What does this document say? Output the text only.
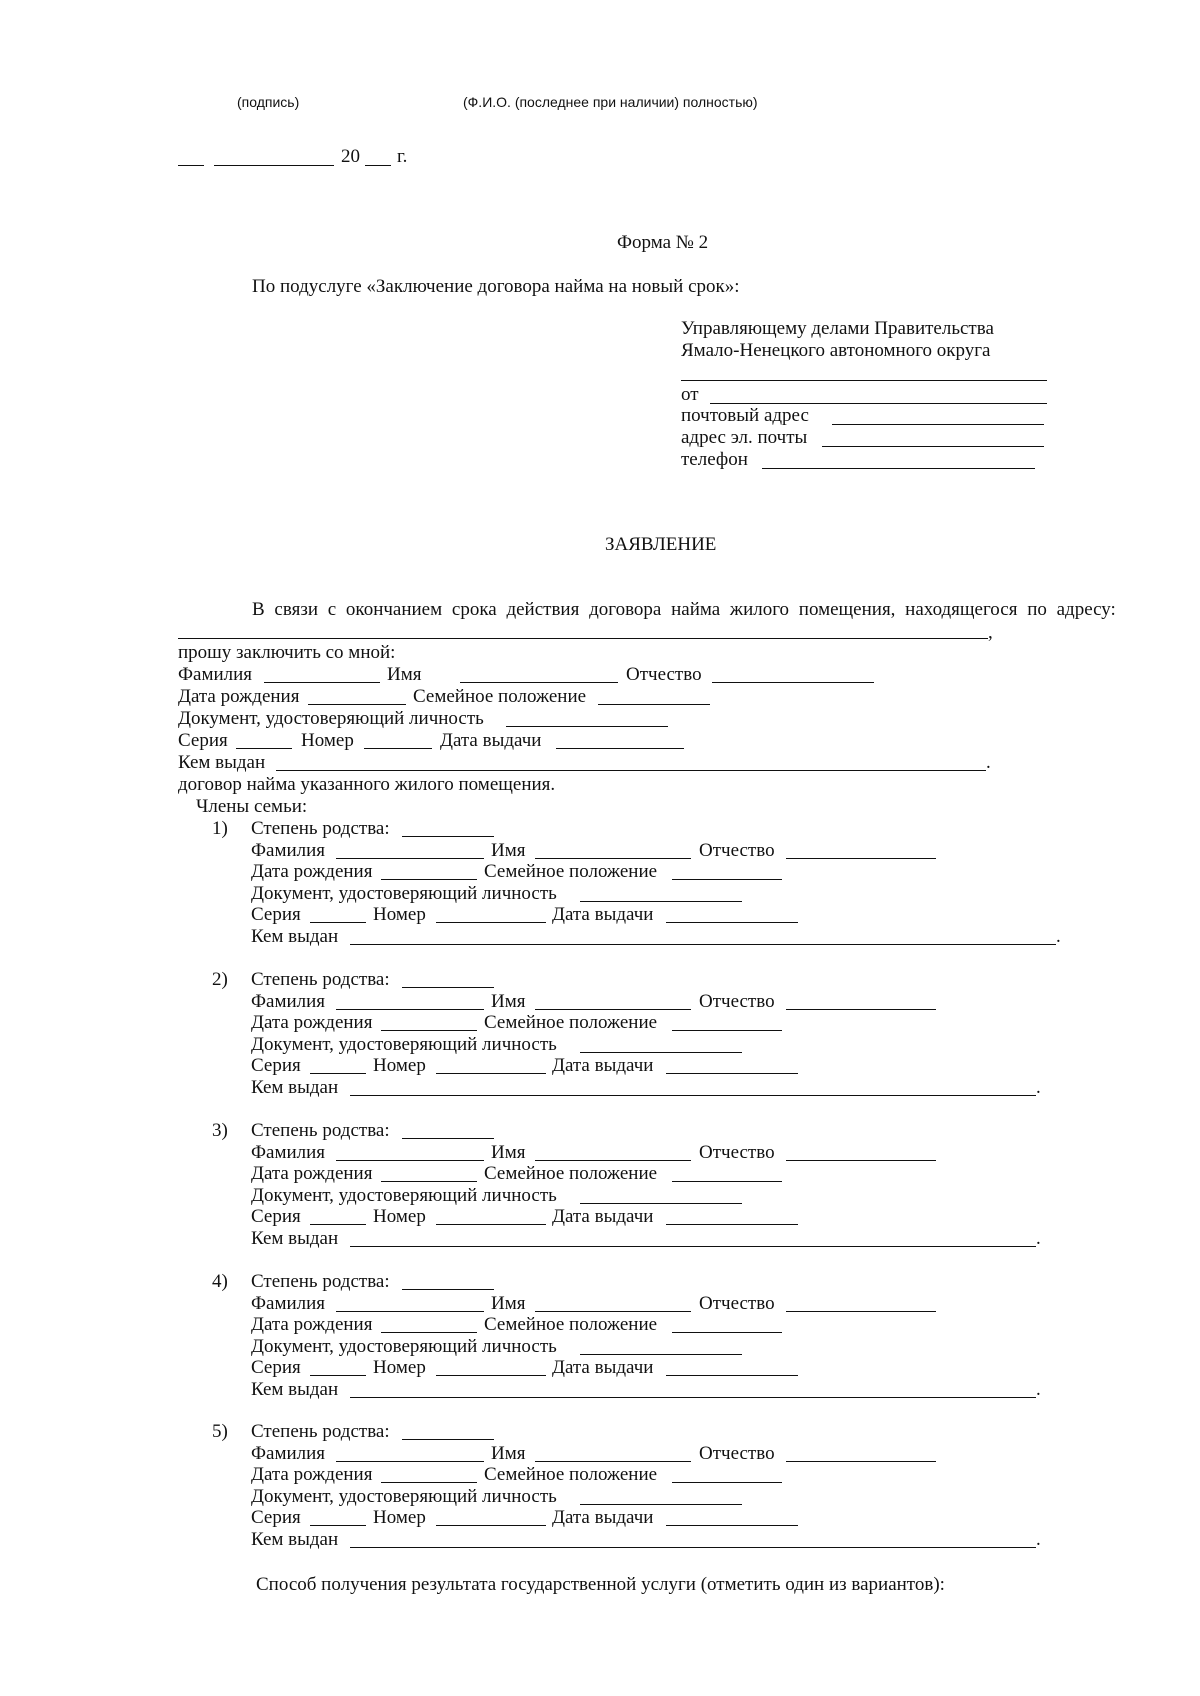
(подпись)	(Ф.И.О. (последнее при наличии) полностью)
20 г.
Форма № 2
По подуслуге «Заключение договора найма на новый срок»:
Управляющему делами Правительства
Ямало-Ненецкого автономного округа
от
почтовый адрес
адрес эл. почты
телефон
ЗАЯВЛЕНИЕ
В связи с окончанием срока действия договора найма жилого помещения, находящегося по адресу:
,
прошу заключить со мной:
Фамилия	Имя	Отчество
Дата рождения	Семейное положение
Документ, удостоверяющий личность
Серия	Номер	Дата выдачи
Кем выдан	.
договор найма указанного жилого помещения.
Члены семьи:
1) Степень родства:
Фамилия	Имя	Отчество
Дата рождения	Семейное положение
Документ, удостоверяющий личность
Серия	Номер	Дата выдачи
Кем выдан	.
2) Степень родства:
Фамилия	Имя	Отчество
Дата рождения	Семейное положение
Документ, удостоверяющий личность
Серия	Номер	Дата выдачи
Кем выдан	.
3) Степень родства:
Фамилия	Имя	Отчество
Дата рождения	Семейное положение
Документ, удостоверяющий личность
Серия	Номер	Дата выдачи
Кем выдан	.
4) Степень родства:
Фамилия	Имя	Отчество
Дата рождения	Семейное положение
Документ, удостоверяющий личность
Серия	Номер	Дата выдачи
Кем выдан	.
5) Степень родства:
Фамилия	Имя	Отчество
Дата рождения	Семейное положение
Документ, удостоверяющий личность
Серия	Номер	Дата выдачи
Кем выдан	.
Способ получения результата государственной услуги (отметить один из вариантов):
